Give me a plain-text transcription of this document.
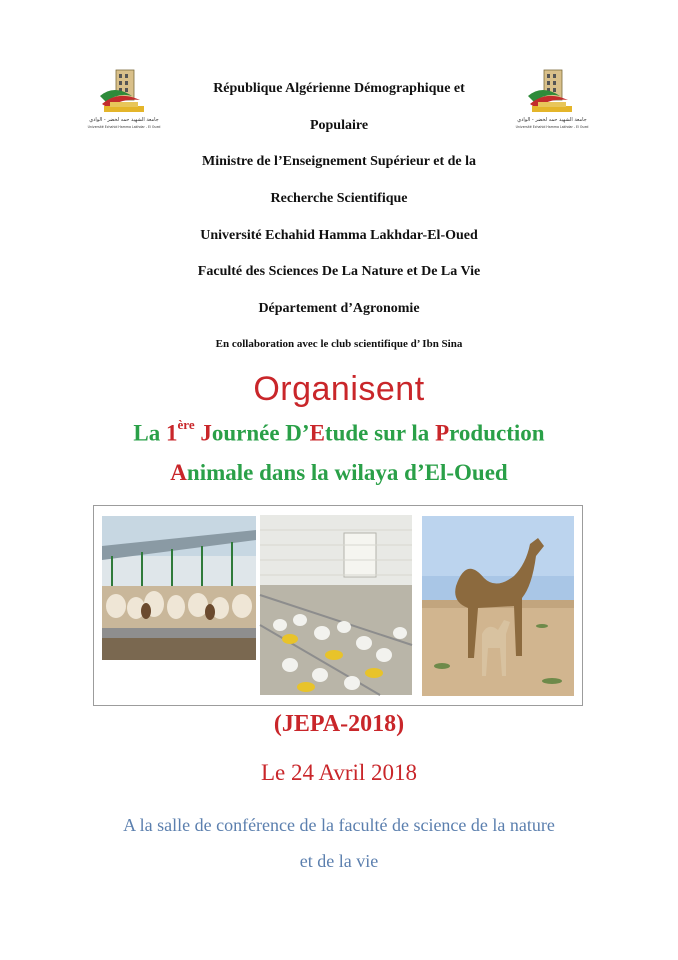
جامعة الشهيد حمه لخضر - الوادي
Université Echahid Hamma Lakhdar - El Oued
جامعة الشهيد حمه لخضر - الوادي
Université Echahid Hamma Lakhdar - El Oued
République Algérienne Démographique et
Populaire
Ministre de l’Enseignement Supérieur et de la
Recherche Scientifique
Université Echahid Hamma Lakhdar-El-Oued
Faculté des Sciences De La Nature et De La Vie
Département d’Agronomie
En collaboration avec le club scientifique d’ Ibn Sina
Organisent
La 1ère Journée D’Etude sur la Production
Animale dans la wilaya d’El-Oued
(JEPA-2018)
Le 24 Avril 2018
A la salle de conférence de la faculté de science de la nature
et de la vie
